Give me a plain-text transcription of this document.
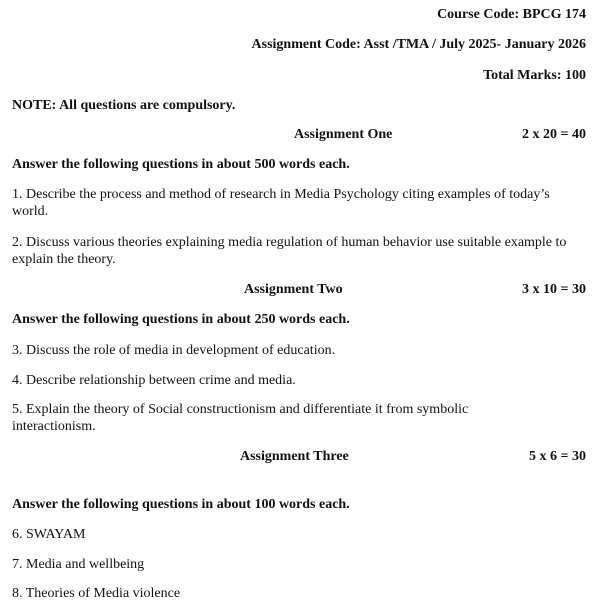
Course Code: BPCG 174
Assignment Code: Asst /TMA / July 2025- January 2026
Total Marks: 100
NOTE: All questions are compulsory.
Assignment One	2 x 20 = 40
Answer the following questions in about 500 words each.
1. Describe the process and method of research in Media Psychology citing examples of today’s world.
2. Discuss various theories explaining media regulation of human behavior use suitable example to explain the theory.
Assignment Two	3 x 10 = 30
Answer the following questions in about 250 words each.
3. Discuss the role of media in development of education.
4. Describe relationship between crime and media.
5. Explain the theory of Social constructionism and differentiate it from symbolic interactionism.
Assignment Three	5 x 6 = 30
Answer the following questions in about 100 words each.
6. SWAYAM
7. Media and wellbeing
8. Theories of Media violence
